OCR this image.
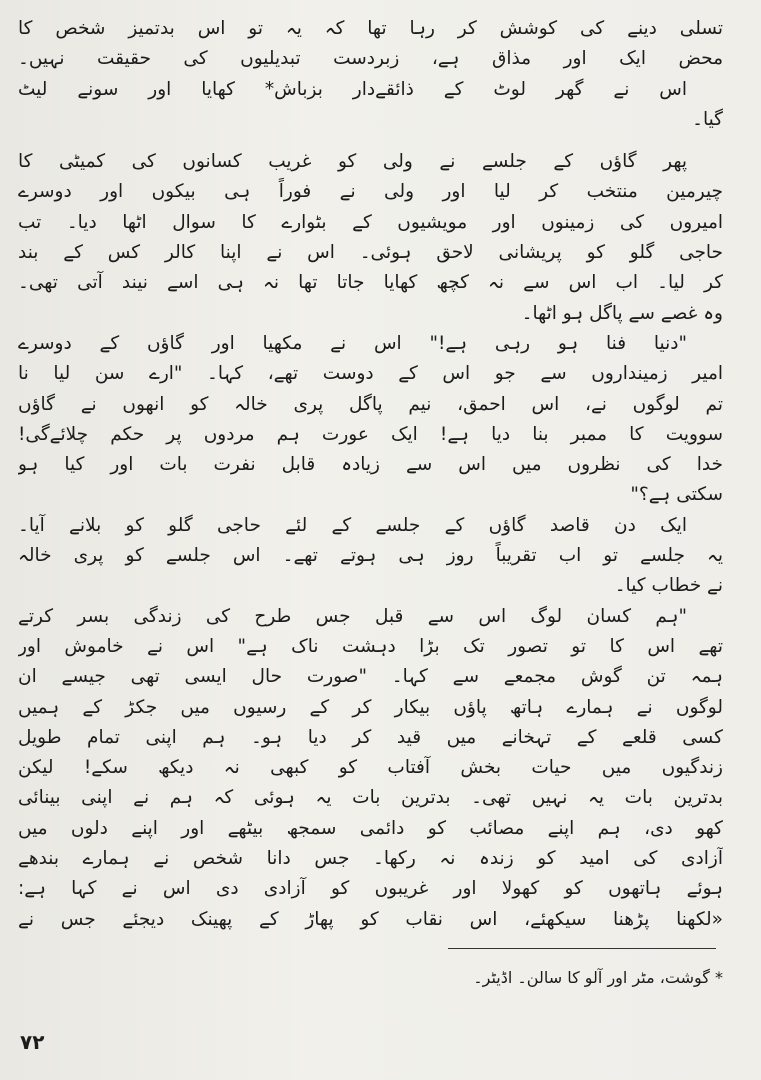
تسلی دینے کی کوشش کر رہا تھا کہ یہ تو اس بدتمیز شخص کا
محض ایک اور مذاق ہے، زبردست تبدیلیوں کی حقیقت نہیں۔
اس نے گھر لوٹ کے ذائقےدار بزباش* کھایا اور سونے لیٹ
گیا۔
پھر گاؤں کے جلسے نے ولی کو غریب کسانوں کی کمیٹی کا
چیرمین منتخب کر لیا اور ولی نے فوراً ہی بیکوں اور دوسرے
امیروں کی زمینوں اور مویشیوں کے بٹوارے کا سوال اٹھا دیا۔ تب
حاجی گلو کو پریشانی لاحق ہوئی۔ اس نے اپنا کالر کس کے بند
کر لیا۔ اب اس سے نہ کچھ کھایا جاتا تھا نہ ہی اسے نیند آتی تھی۔
وہ غصے سے پاگل ہو اٹھا۔
"دنیا فنا ہو رہی ہے!" اس نے مکھیا اور گاؤں کے دوسرے
امیر زمینداروں سے جو اس کے دوست تھے، کہا۔ "ارے سن لیا نا
تم لوگوں نے، اس احمق، نیم پاگل پری خالہ کو انھوں نے گاؤں
سوویت کا ممبر بنا دیا ہے! ایک عورت ہم مردوں پر حکم چلائےگی!
خدا کی نظروں میں اس سے زیادہ قابل نفرت بات اور کیا ہو
سکتی ہے؟"
ایک دن قاصد گاؤں کے جلسے کے لئے حاجی گلو کو بلانے آیا۔
یہ جلسے تو اب تقریباً روز ہی ہوتے تھے۔ اس جلسے کو پری خالہ
نے خطاب کیا۔
"ہم کسان لوگ اس سے قبل جس طرح کی زندگی بسر کرتے
تھے اس کا تو تصور تک بڑا دہشت ناک ہے" اس نے خاموش اور
ہمہ تن گوش مجمعے سے کہا۔ "صورت حال ایسی تھی جیسے ان
لوگوں نے ہمارے ہاتھ پاؤں بیکار کر کے رسیوں میں جکڑ کے ہمیں
کسی قلعے کے تہخانے میں قید کر دیا ہو۔ ہم اپنی تمام طویل
زندگیوں میں حیات بخش آفتاب کو کبھی نہ دیکھ سکے! لیکن
بدترین بات یہ نہیں تھی۔ بدترین بات یہ ہوئی کہ ہم نے اپنی بینائی
کھو دی، ہم اپنے مصائب کو دائمی سمجھ بیٹھے اور اپنے دلوں میں
آزادی کی امید کو زندہ نہ رکھا۔ جس دانا شخص نے ہمارے بندھے
ہوئے ہاتھوں کو کھولا اور غریبوں کو آزادی دی اس نے کہا ہے:
«لکھنا پڑھنا سیکھئے، اس نقاب کو پھاڑ کے پھینک دیجئے جس نے
* گوشت، مٹر اور آلو کا سالن۔ اڈیٹر۔
۷۲
